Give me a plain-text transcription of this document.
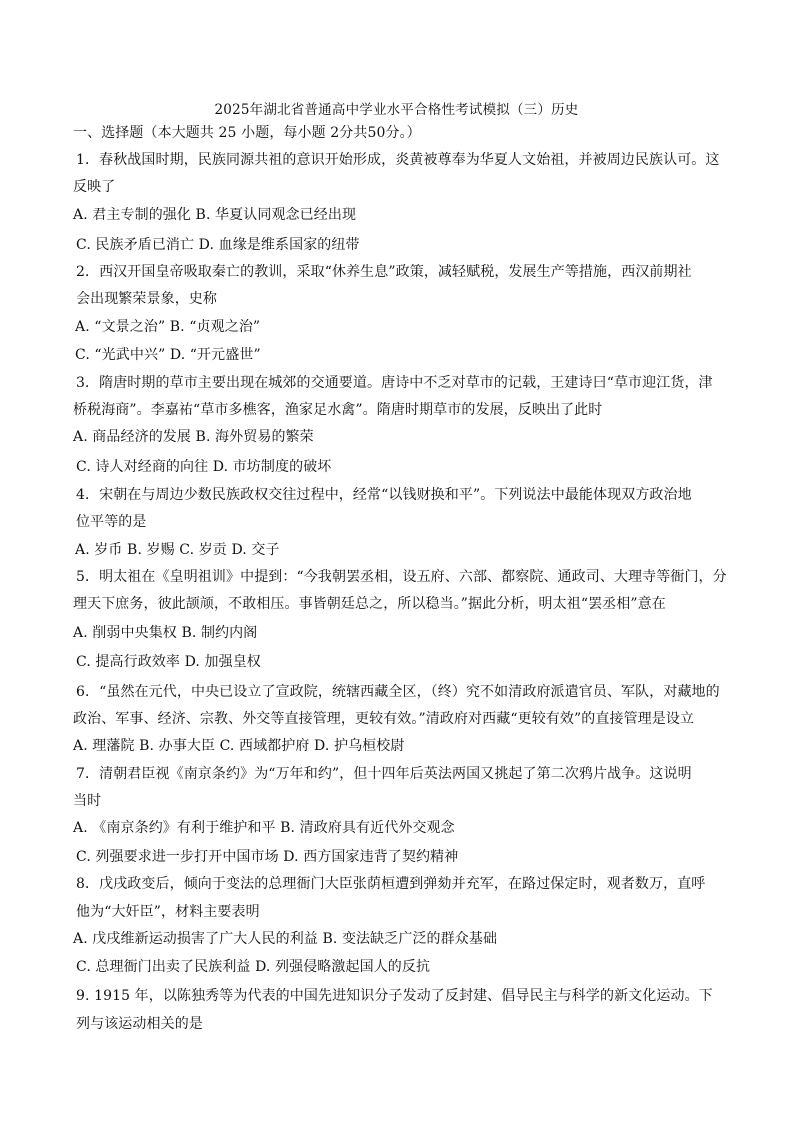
2025年湖北省普通高中学业水平合格性考试模拟（三）历史
一、选择题（本大题共 25 小题，每小题 2分共50分。）
1．春秋战国时期，民族同源共祖的意识开始形成，炎黄被尊奉为华夏人文始祖，并被周边民族认可。这
反映了
A. 君主专制的强化 B. 华夏认同观念已经出现
C. 民族矛盾已消亡 D. 血缘是维系国家的纽带
2．西汉开国皇帝吸取秦亡的教训，采取“休养生息”政策，减轻赋税，发展生产等措施，西汉前期社
会出现繁荣景象，史称
A. “文景之治” B. “贞观之治”
C. “光武中兴” D. “开元盛世”
3．隋唐时期的草市主要出现在城郊的交通要道。唐诗中不乏对草市的记载，王建诗曰“草市迎江货，津
桥税海商”。李嘉祐“草市多樵客，渔家足水禽”。隋唐时期草市的发展，反映出了此时
A. 商品经济的发展 B. 海外贸易的繁荣
C. 诗人对经商的向往 D. 市坊制度的破坏
4．宋朝在与周边少数民族政权交往过程中，经常“以钱财换和平”。下列说法中最能体现双方政治地
位平等的是
A. 岁币 B. 岁赐 C. 岁贡 D. 交子
5．明太祖在《皇明祖训》中提到：“今我朝罢丞相，设五府、六部、都察院、通政司、大理寺等衙门，分
理天下庶务，彼此颉颃，不敢相压。事皆朝廷总之，所以稳当。”据此分析，明太祖“罢丞相”意在
A. 削弱中央集权 B. 制约内阁
C. 提高行政效率 D. 加强皇权
6．“虽然在元代，中央已设立了宣政院，统辖西藏全区，（终）究不如清政府派遣官员、军队，对藏地的
政治、军事、经济、宗教、外交等直接管理，更较有效。”清政府对西藏“更较有效”的直接管理是设立
A. 理藩院 B. 办事大臣 C. 西域都护府 D. 护乌桓校尉
7．清朝君臣视《南京条约》为“万年和约”，但十四年后英法两国又挑起了第二次鸦片战争。这说明
当时
A. 《南京条约》有利于维护和平 B. 清政府具有近代外交观念
C. 列强要求进一步打开中国市场 D. 西方国家违背了契约精神
8．戊戌政变后，倾向于变法的总理衙门大臣张荫桓遭到弹劾并充军，在路过保定时，观者数万，直呼
他为“大奸臣”，材料主要表明
A. 戊戌维新运动损害了广大人民的利益 B. 变法缺乏广泛的群众基础
C. 总理衙门出卖了民族利益 D. 列强侵略激起国人的反抗
9. 1915 年，以陈独秀等为代表的中国先进知识分子发动了反封建、倡导民主与科学的新文化运动。下
列与该运动相关的是
